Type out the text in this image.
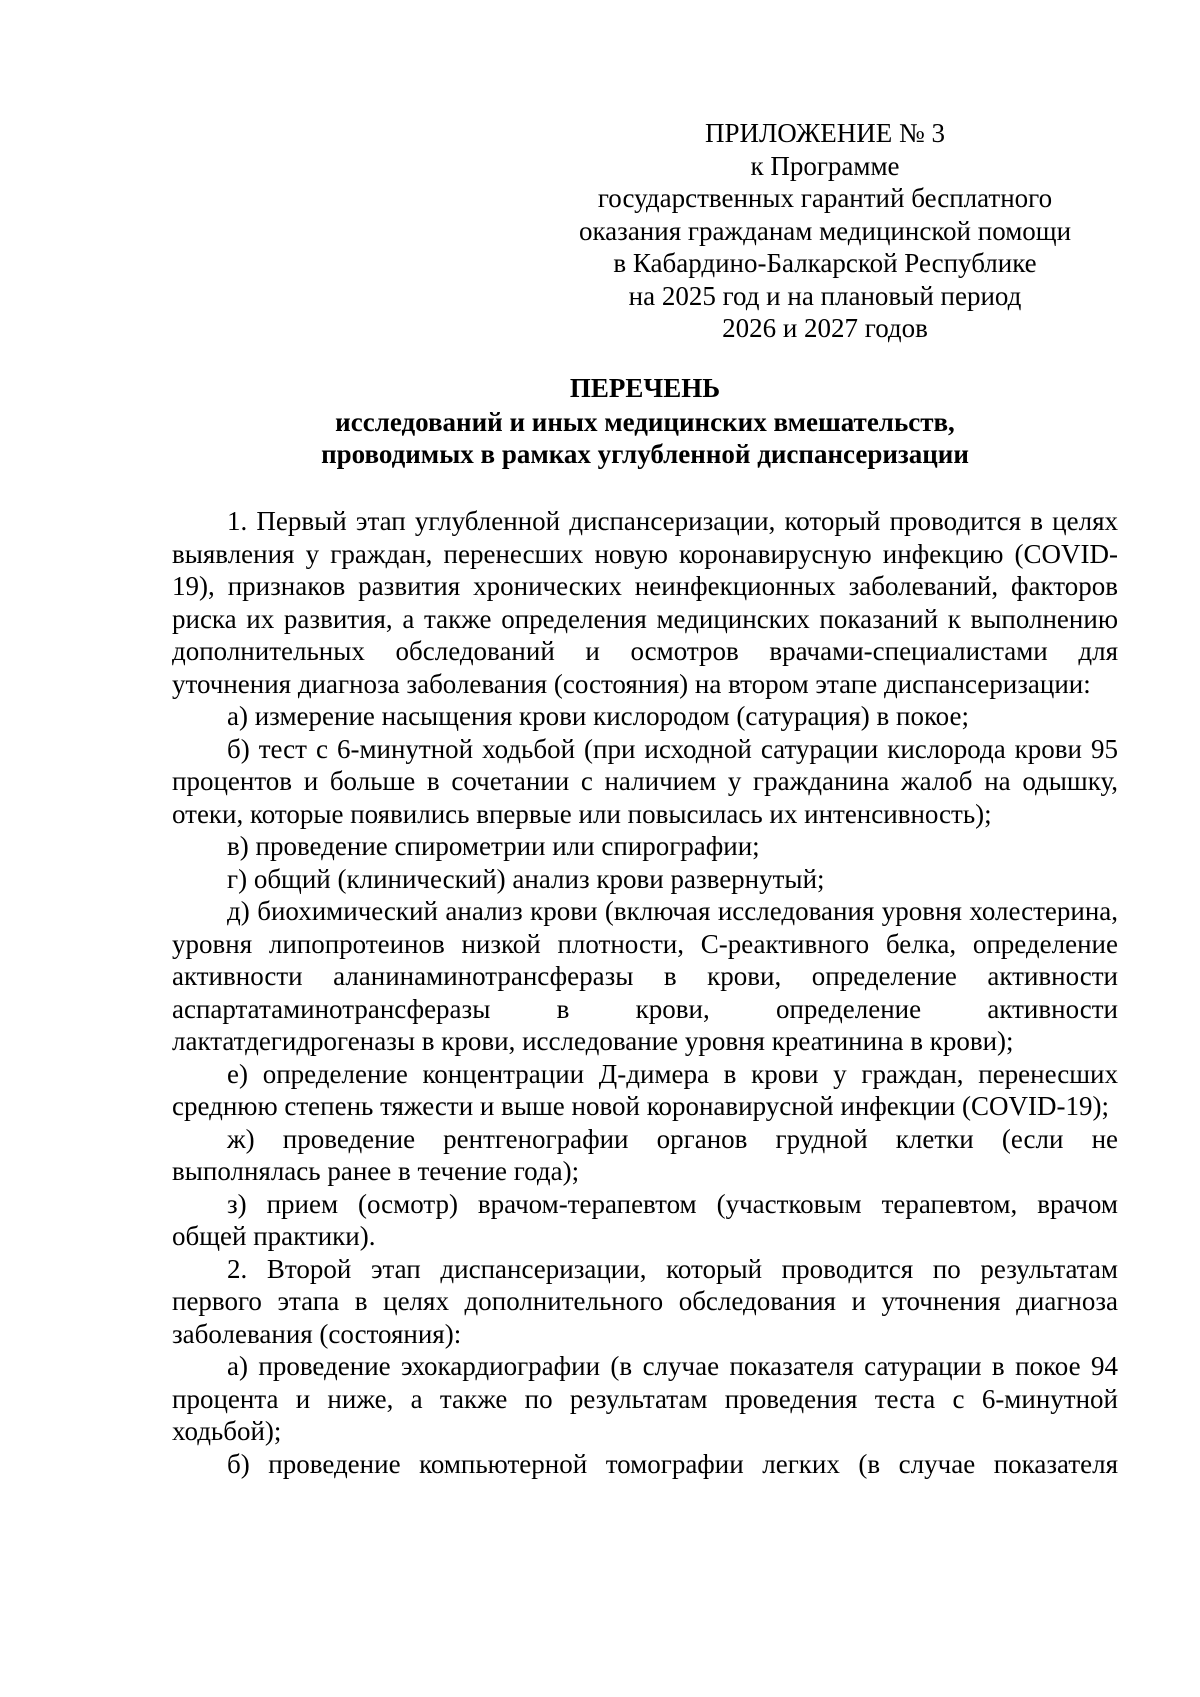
ПРИЛОЖЕНИЕ № 3
к Программе
государственных гарантий бесплатного
оказания гражданам медицинской помощи
в Кабардино-Балкарской Республике
на 2025 год и на плановый период
2026 и 2027 годов
ПЕРЕЧЕНЬ
исследований и иных медицинских вмешательств,
проводимых в рамках углубленной диспансеризации

1. Первый этап углубленной диспансеризации, который проводится в целях выявления у граждан, перенесших новую коронавирусную инфекцию (COVID-19), признаков развития хронических неинфекционных заболеваний, факторов риска их развития, а также определения медицинских показаний к выполнению дополнительных обследований и осмотров врачами-специалистами для уточнения диагноза заболевания (состояния) на втором этапе диспансеризации:

а) измерение насыщения крови кислородом (сатурация) в покое;

б) тест с 6-минутной ходьбой (при исходной сатурации кислорода крови 95 процентов и больше в сочетании с наличием у гражданина жалоб на одышку, отеки, которые появились впервые или повысилась их интенсивность);

в) проведение спирометрии или спирографии;

г) общий (клинический) анализ крови развернутый;

д) биохимический анализ крови (включая исследования уровня холестерина, уровня липопротеинов низкой плотности, С-реактивного белка, определение активности аланинаминотрансферазы в крови, определение активности аспартатаминотрансферазы в крови, определение активности лактатдегидрогеназы в крови, исследование уровня креатинина в крови);

е) определение концентрации Д-димера в крови у граждан, перенесших среднюю степень тяжести и выше новой коронавирусной инфекции (COVID-19);

ж) проведение рентгенографии органов грудной клетки (если не выполнялась ранее в течение года);

з) прием (осмотр) врачом-терапевтом (участковым терапевтом, врачом общей практики).

2. Второй этап диспансеризации, который проводится по результатам первого этапа в целях дополнительного обследования и уточнения диагноза заболевания (состояния):

а) проведение эхокардиографии (в случае показателя сатурации в покое 94 процента и ниже, а также по результатам проведения теста с 6-минутной ходьбой);

б) проведение компьютерной томографии легких (в случае показателя
